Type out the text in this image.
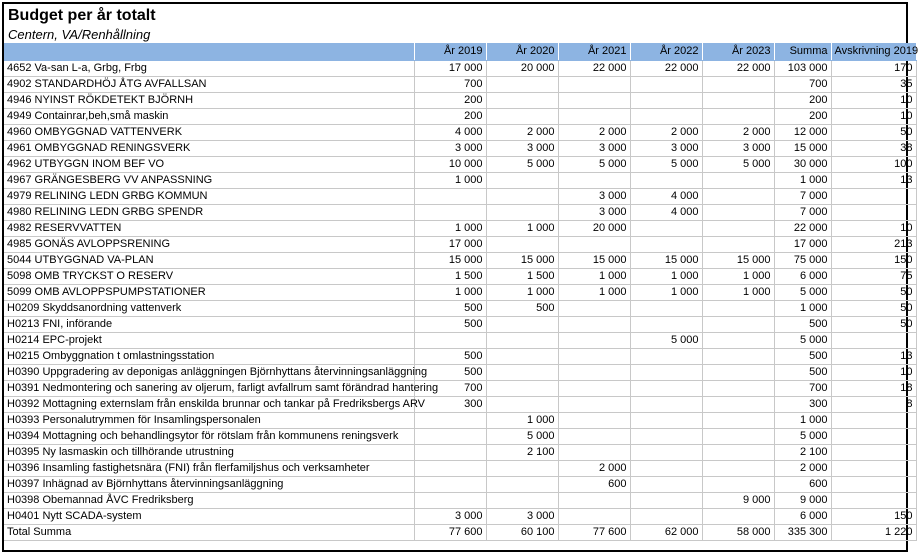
Budget per år totalt
Centern, VA/Renhållning
	År 2019	År 2020	År 2021	År 2022	År 2023	Summa	Avskrivning 2019
4652 Va-san L-a, Grbg, Frbg	17 000	20 000	22 000	22 000	22 000	103 000	170
4902 STANDARDHÖJ ÅTG AVFALLSAN	700					700	35
4946 NYINST RÖKDETEKT BJÖRNH	200					200	10
4949 Containrar,beh,små maskin	200					200	10
4960 OMBYGGNAD VATTENVERK	4 000	2 000	2 000	2 000	2 000	12 000	50
4961 OMBYGGNAD RENINGSVERK	3 000	3 000	3 000	3 000	3 000	15 000	38
4962 UTBYGGN INOM BEF VO	10 000	5 000	5 000	5 000	5 000	30 000	100
4967 GRÄNGESBERG VV ANPASSNING	1 000					1 000	13
4979 RELINING LEDN GRBG KOMMUN			3 000	4 000		7 000	
4980 RELINING LEDN GRBG SPENDR			3 000	4 000		7 000	
4982 RESERVVATTEN	1 000	1 000	20 000			22 000	10
4985 GONÄS AVLOPPSRENING	17 000					17 000	213
5044 UTBYGGNAD VA-PLAN	15 000	15 000	15 000	15 000	15 000	75 000	150
5098 OMB TRYCKST O RESERV	1 500	1 500	1 000	1 000	1 000	6 000	75
5099 OMB AVLOPPSPUMPSTATIONER	1 000	1 000	1 000	1 000	1 000	5 000	50
H0209 Skyddsanordning vattenverk	500	500				1 000	50
H0213 FNI, införande	500					500	50
H0214 EPC-projekt				5 000		5 000	
H0215 Ombyggnation t omlastningsstation	500					500	13
H0390 Uppgradering av deponigas anläggningen Björnhyttans återvinningsanläggning	500					500	10
H0391 Nedmontering och sanering av oljerum, farligt avfallrum samt förändrad hantering	700					700	18
H0392 Mottagning externslam från enskilda brunnar och tankar på Fredriksbergs ARV	300					300	8
H0393 Personalutrymmen för Insamlingspersonalen		1 000				1 000	
H0394 Mottagning och behandlingsytor för rötslam från kommunens reningsverk		5 000				5 000	
H0395 Ny lasmaskin och tillhörande utrustning		2 100				2 100	
H0396 Insamling fastighetsnära (FNI) från flerfamiljshus och verksamheter			2 000			2 000	
H0397 Inhägnad av Björnhyttans återvinningsanläggning			600			600	
H0398 Obemannad ÅVC Fredriksberg					9 000	9 000	
H0401 Nytt SCADA-system	3 000	3 000				6 000	150
Total Summa	77 600	60 100	77 600	62 000	58 000	335 300	1 220
